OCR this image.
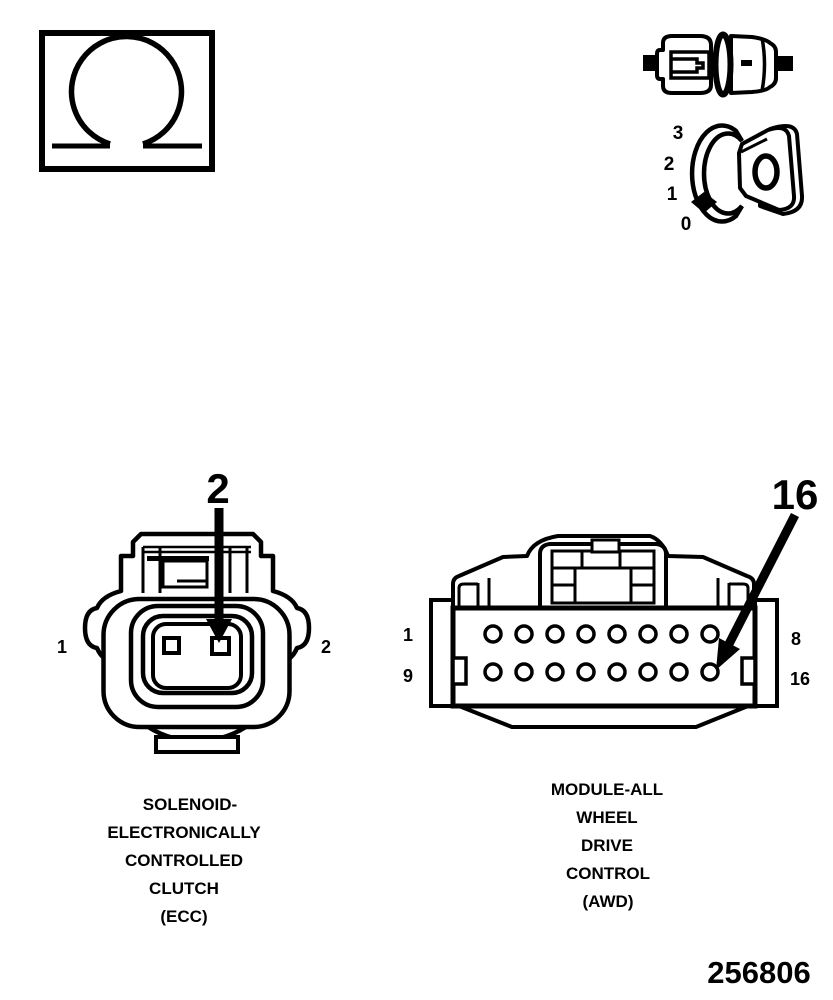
3
2
1
0
2
1	2
16
1	8
9	16
SOLENOID-
ELECTRONICALLY
CONTROLLED
CLUTCH
(ECC)
MODULE-ALL
WHEEL
DRIVE
CONTROL
(AWD)
256806
